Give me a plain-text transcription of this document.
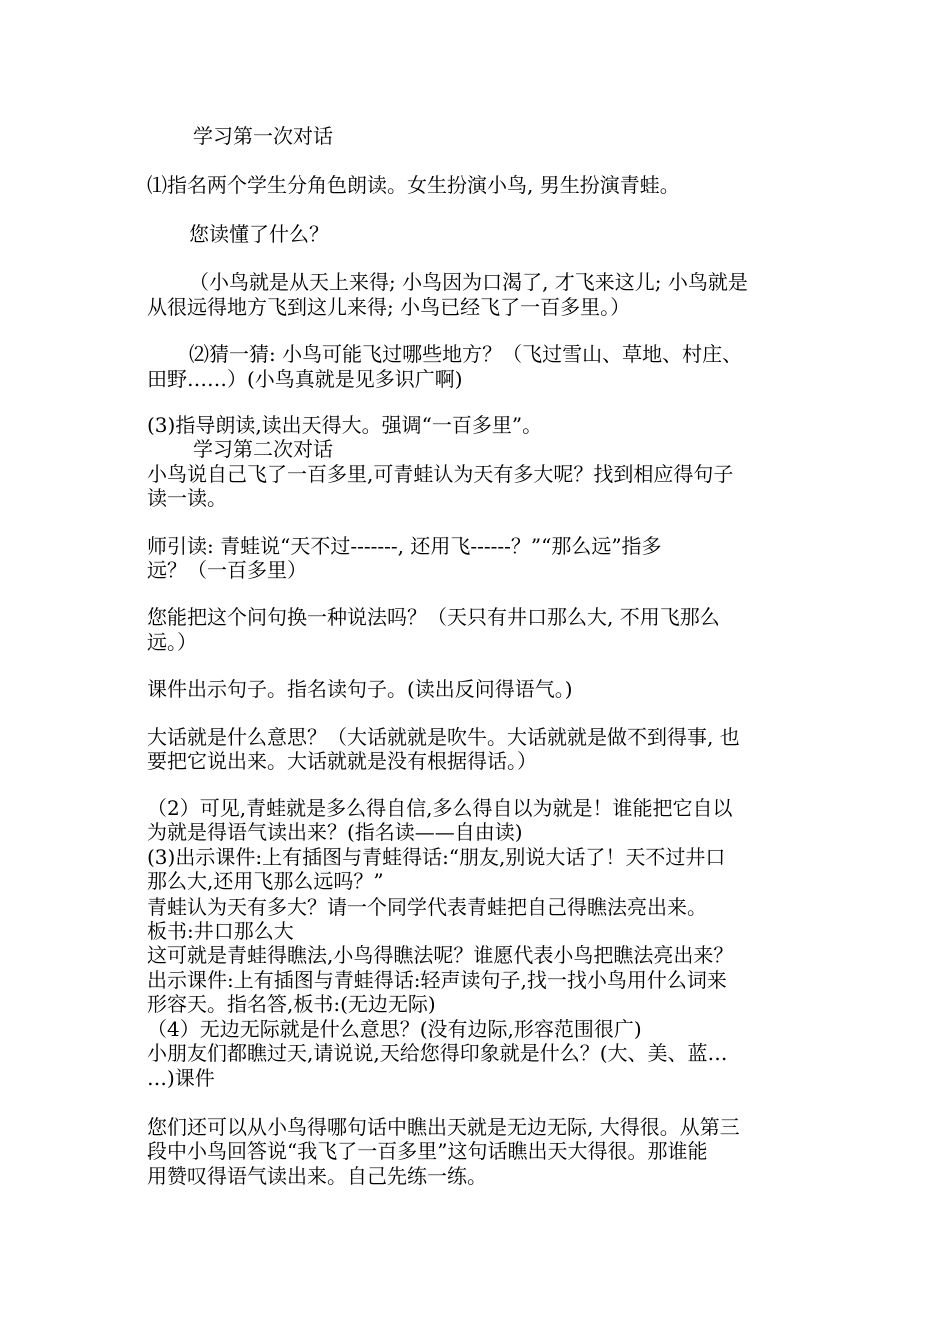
学习第一次对话
⑴指名两个学生分角色朗读。女生扮演小鸟, 男生扮演青蛙。
您读懂了什么？
（小鸟就是从天上来得; 小鸟因为口渴了, 才飞来这儿; 小鸟就是
从很远得地方飞到这儿来得; 小鸟已经飞了一百多里。）
⑵猜一猜: 小鸟可能飞过哪些地方？（飞过雪山、草地、村庄、
田野……）(小鸟真就是见多识广啊)
(3)指导朗读,读出天得大。强调“一百多里”。
学习第二次对话
小鸟说自己飞了一百多里,可青蛙认为天有多大呢？找到相应得句子
读一读。
师引读: 青蛙说“天不过-------, 还用飞------？”“那么远”指多
远？（一百多里）
您能把这个问句换一种说法吗？（天只有井口那么大, 不用飞那么
远。）
课件出示句子。指名读句子。(读出反问得语气。)
大话就是什么意思？（大话就就是吹牛。大话就就是做不到得事, 也
要把它说出来。大话就就是没有根据得话。）
（2）可见,青蛙就是多么得自信,多么得自以为就是！谁能把它自以
为就是得语气读出来？(指名读——自由读)
(3)出示课件:上有插图与青蛙得话:“朋友,别说大话了！天不过井口
那么大,还用飞那么远吗？”
青蛙认为天有多大？请一个同学代表青蛙把自己得瞧法亮出来。
板书:井口那么大
这可就是青蛙得瞧法,小鸟得瞧法呢？谁愿代表小鸟把瞧法亮出来？
出示课件:上有插图与青蛙得话:轻声读句子,找一找小鸟用什么词来
形容天。指名答,板书:(无边无际)
（4）无边无际就是什么意思？(没有边际,形容范围很广)
小朋友们都瞧过天,请说说,天给您得印象就是什么？(大、美、蓝…
…)课件
您们还可以从小鸟得哪句话中瞧出天就是无边无际, 大得很。从第三
段中小鸟回答说“我飞了一百多里”这句话瞧出天大得很。那谁能
用赞叹得语气读出来。自己先练一练。
